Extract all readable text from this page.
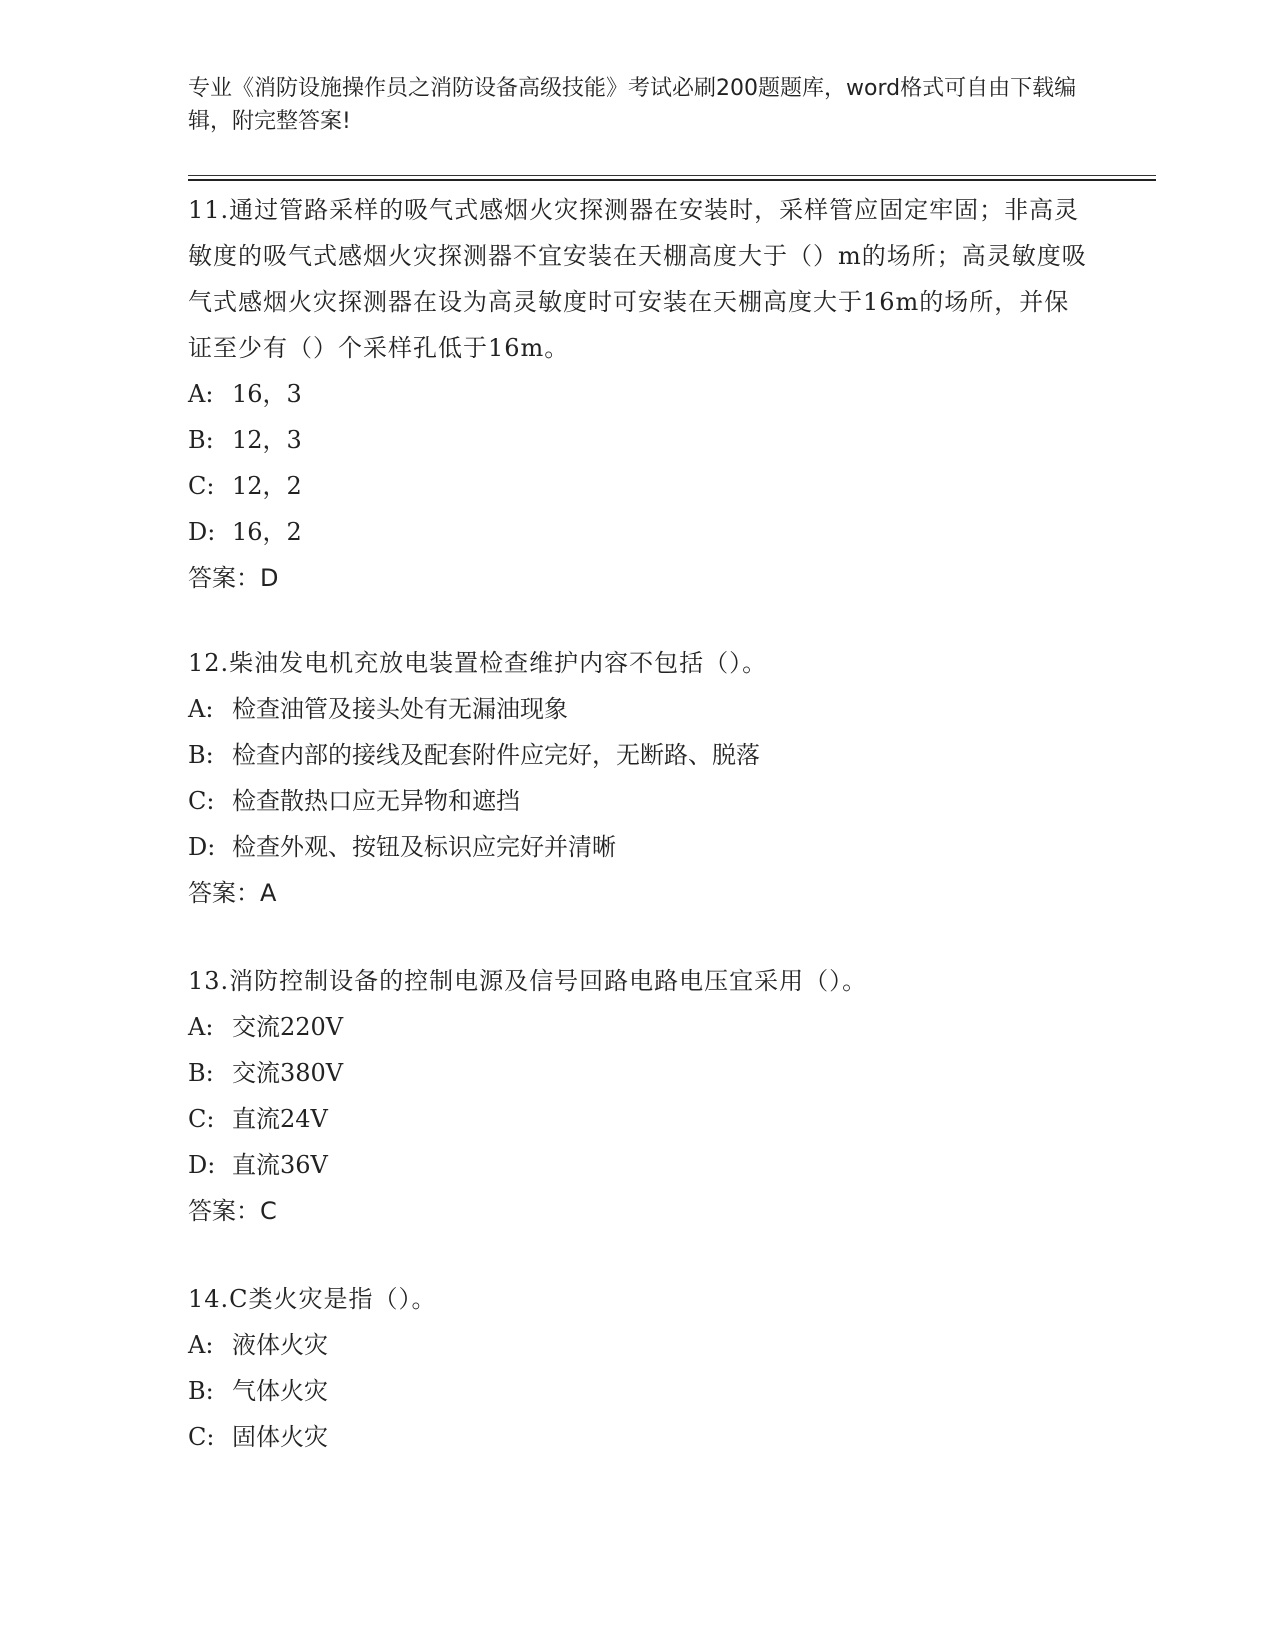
专业《消防设施操作员之消防设备高级技能》考试必刷200题题库，word格式可自由下载编辑，附完整答案!
11.通过管路采样的吸气式感烟火灾探测器在安装时，采样管应固定牢固；非高灵敏度的吸气式感烟火灾探测器不宜安装在天棚高度大于（）m的场所；高灵敏度吸气式感烟火灾探测器在设为高灵敏度时可安装在天棚高度大于16m的场所，并保证至少有（）个采样孔低于16m。
A: 16，3
B: 12，3
C: 12，2
D: 16，2
答案：D
12.柴油发电机充放电装置检查维护内容不包括（）。
A: 检查油管及接头处有无漏油现象
B: 检查内部的接线及配套附件应完好，无断路、脱落
C: 检查散热口应无异物和遮挡
D: 检查外观、按钮及标识应完好并清晰
答案：A
13.消防控制设备的控制电源及信号回路电路电压宜采用（）。
A: 交流220V
B: 交流380V
C: 直流24V
D: 直流36V
答案：C
14.C类火灾是指（）。
A: 液体火灾
B: 气体火灾
C: 固体火灾
